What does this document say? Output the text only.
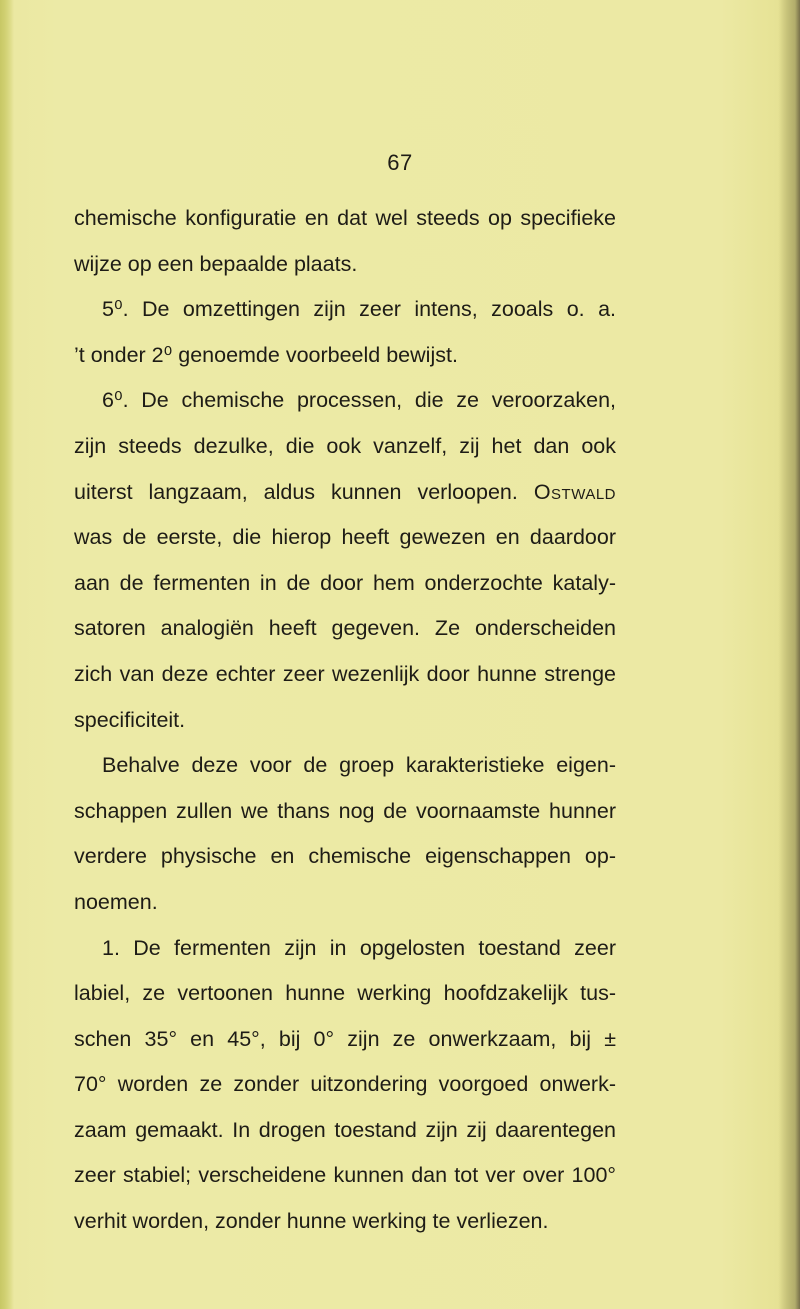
67
chemische konfiguratie en dat wel steeds op specifieke
wijze op een bepaalde plaats.
5⁰. De omzettingen zijn zeer intens, zooals o. a.
’t onder 2⁰ genoemde voorbeeld bewijst.
6⁰. De chemische processen, die ze veroorzaken,
zijn steeds dezulke, die ook vanzelf, zij het dan ook
uiterst langzaam, aldus kunnen verloopen. Ostwald
was de eerste, die hierop heeft gewezen en daardoor
aan de fermenten in de door hem onderzochte kataly-
satoren analogiën heeft gegeven. Ze onderscheiden
zich van deze echter zeer wezenlijk door hunne strenge
specificiteit.
Behalve deze voor de groep karakteristieke eigen-
schappen zullen we thans nog de voornaamste hunner
verdere physische en chemische eigenschappen op-
noemen.
1. De fermenten zijn in opgelosten toestand zeer
labiel, ze vertoonen hunne werking hoofdzakelijk tus-
schen 35° en 45°, bij 0° zijn ze onwerkzaam, bij ±
70° worden ze zonder uitzondering voorgoed onwerk-
zaam gemaakt. In drogen toestand zijn zij daarentegen
zeer stabiel; verscheidene kunnen dan tot ver over 100°
verhit worden, zonder hunne werking te verliezen.
